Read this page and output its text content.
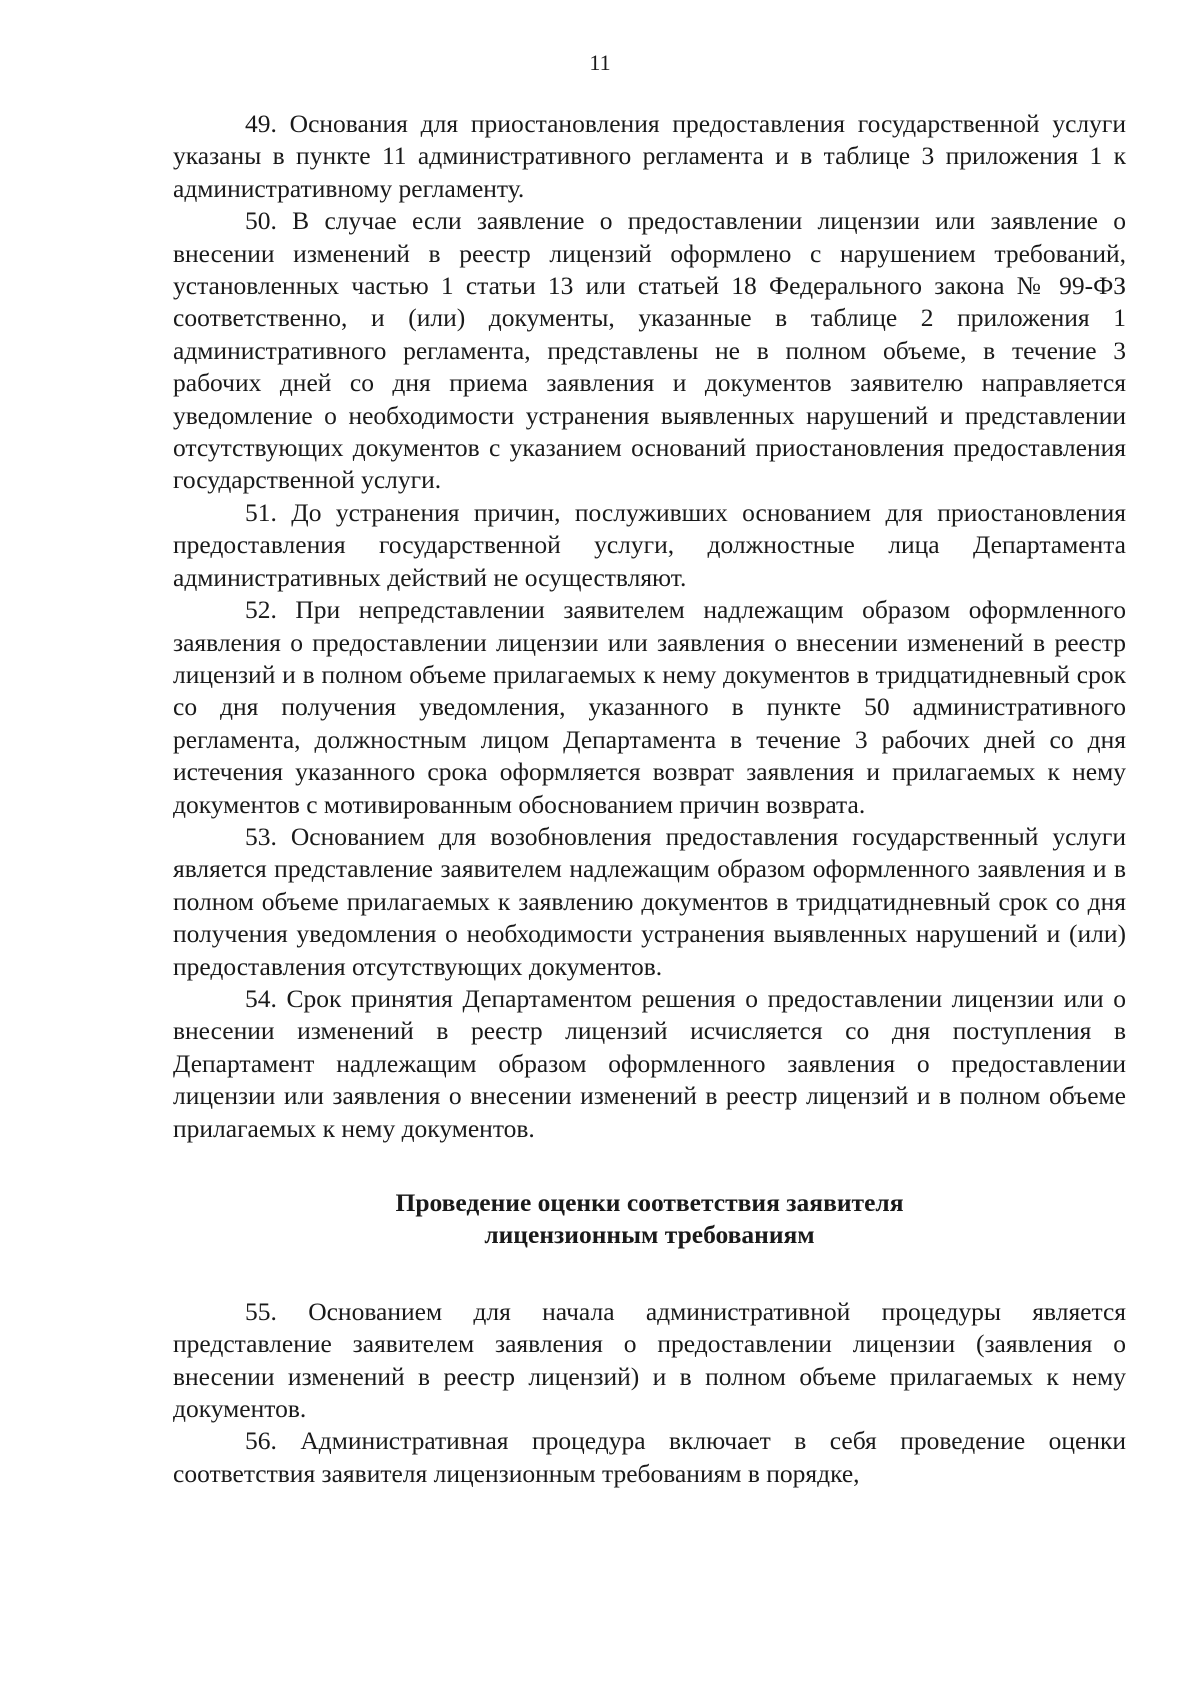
11

49. Основания для приостановления предоставления государственной услуги указаны в пункте 11 административного регламента и в таблице 3 приложения 1 к административному регламенту.

50. В случае если заявление о предоставлении лицензии или заявление о внесении изменений в реестр лицензий оформлено с нарушением требований, установленных частью 1 статьи 13 или статьей 18 Федерального закона № 99-ФЗ соответственно, и (или) документы, указанные в таблице 2 приложения 1 административного регламента, представлены не в полном объеме, в течение 3 рабочих дней со дня приема заявления и документов заявителю направляется уведомление о необходимости устранения выявленных нарушений и представлении отсутствующих документов с указанием оснований приостановления предоставления государственной услуги.

51. До устранения причин, послуживших основанием для приостановления предоставления государственной услуги, должностные лица Департамента административных действий не осуществляют.

52. При непредставлении заявителем надлежащим образом оформленного заявления о предоставлении лицензии или заявления о внесении изменений в реестр лицензий и в полном объеме прилагаемых к нему документов в тридцатидневный срок со дня получения уведомления, указанного в пункте 50 административного регламента, должностным лицом Департамента в течение 3 рабочих дней со дня истечения указанного срока оформляется возврат заявления и прилагаемых к нему документов с мотивированным обоснованием причин возврата.

53. Основанием для возобновления предоставления государственный услуги является представление заявителем надлежащим образом оформленного заявления и в полном объеме прилагаемых к заявлению документов в тридцатидневный срок со дня получения уведомления о необходимости устранения выявленных нарушений и (или) предоставления отсутствующих документов.

54. Срок принятия Департаментом решения о предоставлении лицензии или о внесении изменений в реестр лицензий исчисляется со дня поступления в Департамент надлежащим образом оформленного заявления о предоставлении лицензии или заявления о внесении изменений в реестр лицензий и в полном объеме прилагаемых к нему документов.

Проведение оценки соответствия заявителя
лицензионным требованиям

55. Основанием для начала административной процедуры является представление заявителем заявления о предоставлении лицензии (заявления о внесении изменений в реестр лицензий) и в полном объеме прилагаемых к нему документов.

56. Административная процедура включает в себя проведение оценки соответствия заявителя лицензионным требованиям в порядке,
